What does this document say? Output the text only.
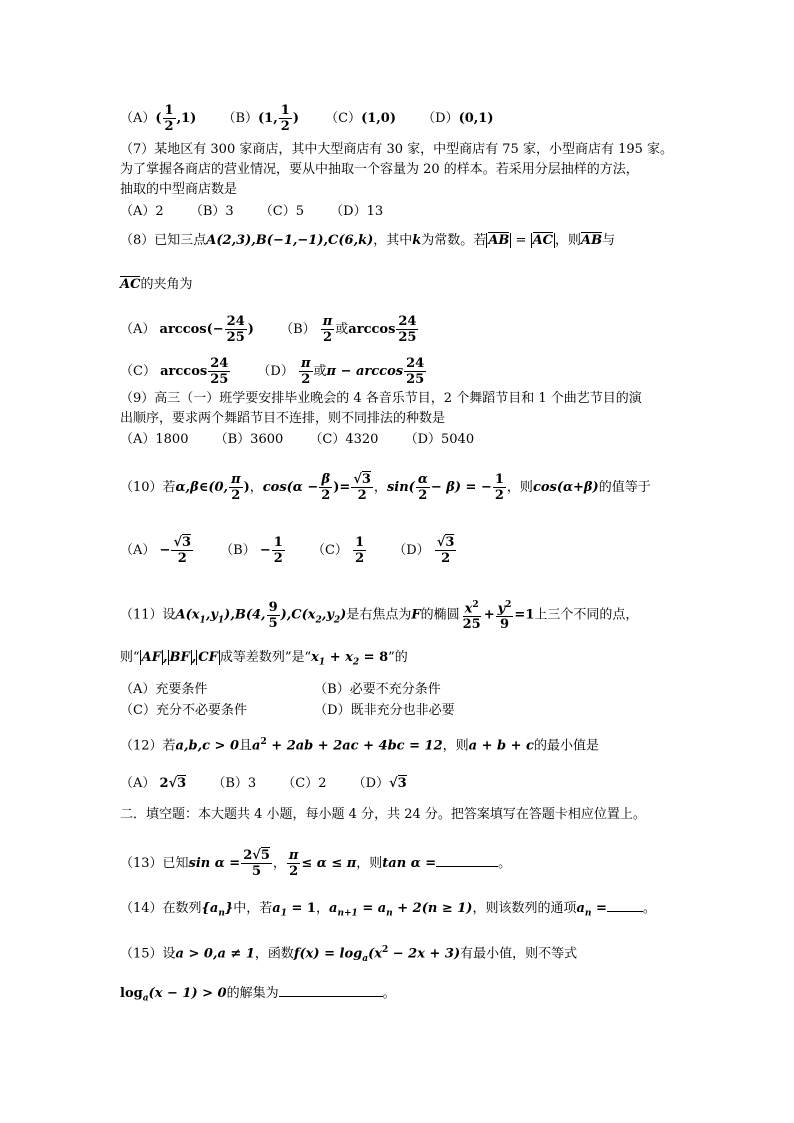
$(A)( \frac{1}{2} ,1)$ （B）(1, $\frac{1}{2}$ ) （C）(1,0) （D）(0,1)
（7）某地区有 300 家商店，其中大型商店有 30 家，中型商店有 75 家，小型商店有 195 家。
为了掌握各商店的营业情况，要从中抽取一个容量为 20 的样本。若采用分层抽样的方法，
抽取的中型商店数是
（A）2 （B）3 （C）5 （D）13
（8）已知三点A(2,3),B(−1,−1),C(6,k)，其中k为常数。若 AB = AC ，则AB与
AC的夹角为
（A） $\arccos(- \frac{24}{25}$ ) $(B) \frac{\pi}{2}$ 或$\arccos \frac{24}{25}$
（C） $\arccos \frac{24}{25} (D) \frac{\pi}{2}$ 或$\pi - \arccos \frac{24}{25}$
（9）高三（一）班学要安排毕业晚会的 4 各音乐节目，2 个舞蹈节目和 1 个曲艺节目的演
出顺序，要求两个舞蹈节目不连排，则不同排法的种数是
（A）1800 （B）3600 （C）4320 （D）5040
（10）若α,β∈(0, $\frac{\pi}{2}$ )，$\cos(\alpha - \frac{\beta}{2}$ )= $\frac{√3}{2}$ ，$\sin( \frac{\alpha}{2} - \beta)$ = − $\frac{1}{2}$ ，则cos(α+β)的值等于
$(A) - \frac{√3}{2} (B) - \frac{1}{2} (C) \frac{1}{2} (D) \frac{√3}{2}$
（11）设$A(x_1,y_1),B(4$, $\frac{9}{5} ),C(x_2,y_2)$是右焦点为F的椭圆 $\frac{x^2}{25} + \frac{y^2}{9} =1$上三个不同的点，
则“ AF , BF , CF 成等差数列”是“$x_1 + x_2 = 8$”的
（A）充要条件	（B）必要不充分条件
（C）充分不必要条件	（D）既非充分也非必要
（12）若a,b,c > 0且$a^2 + 2ab + 2ac + 4bc = 12$，则a + b + c的最小值是
（A） 2√3 （B）3 （C）2 （D）√3
二．填空题：本大题共 4 小题，每小题 4 分，共 24 分。把答案填写在答题卡相应位置上。
（13）已知$\sin \alpha = \frac{2√5}{5}$ ， $\frac{\pi}{2} \le \alpha \le \pi$，则tan α =	。
（14）在数列$\{a_n\}$中，若$a_1 = 1$，$a_{n+1} = a_n + 2(n \ge 1)$，则该数列的通项$a_n$ =	。
（15）设a > 0,a ≠ 1，函数$f(x) = \log_a(x^2 - 2x + 3)$有最小值，则不等式
$\log_a(x - 1) > 0$的解集为	。
